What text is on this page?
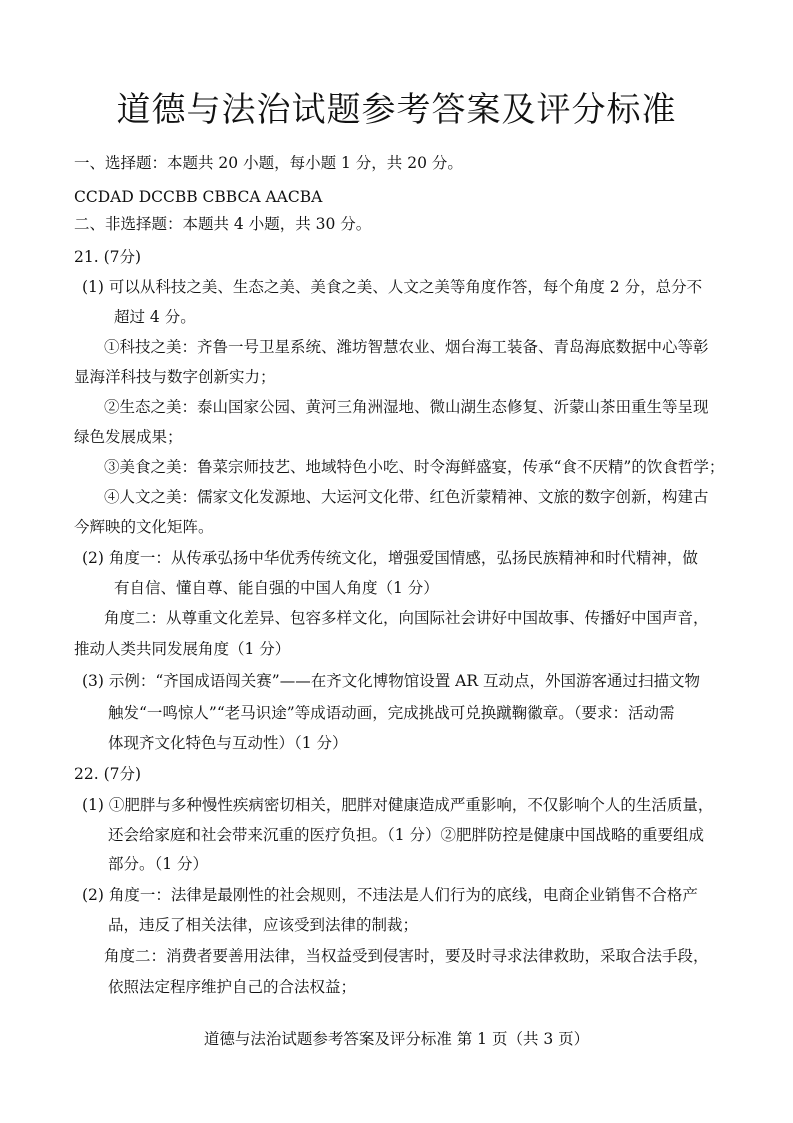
道德与法治试题参考答案及评分标准
一、选择题：本题共 20 小题，每小题 1 分，共 20 分。
CCDAD DCCBB CBBCA AACBA
二、非选择题：本题共 4 小题，共 30 分。
21. (7分)
(1) 可以从科技之美、生态之美、美食之美、人文之美等角度作答，每个角度 2 分，总分不
超过 4 分。
①科技之美：齐鲁一号卫星系统、潍坊智慧农业、烟台海工装备、青岛海底数据中心等彰
显海洋科技与数字创新实力；
②生态之美：泰山国家公园、黄河三角洲湿地、微山湖生态修复、沂蒙山茶田重生等呈现
绿色发展成果；
③美食之美：鲁菜宗师技艺、地域特色小吃、时令海鲜盛宴，传承“食不厌精”的饮食哲学；
④人文之美：儒家文化发源地、大运河文化带、红色沂蒙精神、文旅的数字创新，构建古
今辉映的文化矩阵。
(2) 角度一：从传承弘扬中华优秀传统文化，增强爱国情感，弘扬民族精神和时代精神，做
有自信、懂自尊、能自强的中国人角度（1 分）
角度二：从尊重文化差异、包容多样文化，向国际社会讲好中国故事、传播好中国声音，
推动人类共同发展角度（1 分）
(3) 示例：“齐国成语闯关赛”——在齐文化博物馆设置 AR 互动点，外国游客通过扫描文物
触发“一鸣惊人”“老马识途”等成语动画，完成挑战可兑换蹴鞠徽章。（要求：活动需
体现齐文化特色与互动性）（1 分）
22. (7分)
(1) ①肥胖与多种慢性疾病密切相关，肥胖对健康造成严重影响，不仅影响个人的生活质量，
还会给家庭和社会带来沉重的医疗负担。（1 分）②肥胖防控是健康中国战略的重要组成
部分。（1 分）
(2) 角度一：法律是最刚性的社会规则，不违法是人们行为的底线，电商企业销售不合格产
品，违反了相关法律，应该受到法律的制裁；
角度二：消费者要善用法律，当权益受到侵害时，要及时寻求法律救助，采取合法手段，
依照法定程序维护自己的合法权益；
道德与法治试题参考答案及评分标准 第 1 页（共 3 页）
